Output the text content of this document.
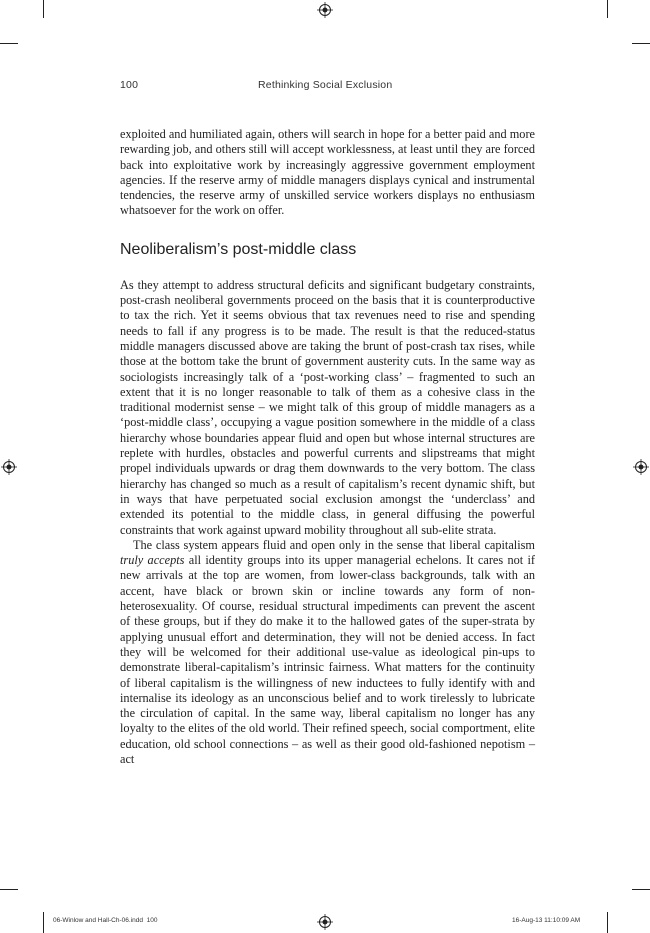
100	Rethinking Social Exclusion

exploited and humiliated again, others will search in hope for a better paid and more rewarding job, and others still will accept worklessness, at least until they are forced back into exploitative work by increasingly aggressive government employment agencies. If the reserve army of middle managers displays cynical and instrumental tendencies, the reserve army of unskilled service workers displays no enthusiasm whatsoever for the work on offer.

Neoliberalism’s post-middle class

As they attempt to address structural deficits and significant budgetary constraints, post-crash neoliberal governments proceed on the basis that it is counterproductive to tax the rich. Yet it seems obvious that tax revenues need to rise and spending needs to fall if any progress is to be made. The result is that the reduced-status middle managers discussed above are taking the brunt of post-crash tax rises, while those at the bottom take the brunt of government austerity cuts. In the same way as sociologists increasingly talk of a ‘post-working class’ – fragmented to such an extent that it is no longer reasonable to talk of them as a cohesive class in the traditional modernist sense – we might talk of this group of middle managers as a ‘post-middle class’, occupying a vague position somewhere in the middle of a class hierarchy whose boundaries appear fluid and open but whose internal structures are replete with hurdles, obstacles and powerful currents and slipstreams that might propel individuals upwards or drag them downwards to the very bottom. The class hierarchy has changed so much as a result of capitalism’s recent dynamic shift, but in ways that have perpetuated social exclusion amongst the ‘underclass’ and extended its potential to the middle class, in general diffusing the powerful constraints that work against upward mobility throughout all sub-elite strata.

The class system appears fluid and open only in the sense that liberal capitalism truly accepts all identity groups into its upper managerial echelons. It cares not if new arrivals at the top are women, from lower-class backgrounds, talk with an accent, have black or brown skin or incline towards any form of non-heterosexuality. Of course, residual structural impediments can prevent the ascent of these groups, but if they do make it to the hallowed gates of the super-strata by applying unusual effort and determination, they will not be denied access. In fact they will be welcomed for their additional use-value as ideological pin-ups to demonstrate liberal-capitalism’s intrinsic fairness. What matters for the continuity of liberal capitalism is the willingness of new inductees to fully identify with and internalise its ideology as an unconscious belief and to work tirelessly to lubricate the circulation of capital. In the same way, liberal capitalism no longer has any loyalty to the elites of the old world. Their refined speech, social comportment, elite education, old school connections – as well as their good old-fashioned nepotism – act

06-Winlow and Hall-Ch-06.indd 100	16-Aug-13 11:10:09 AM
